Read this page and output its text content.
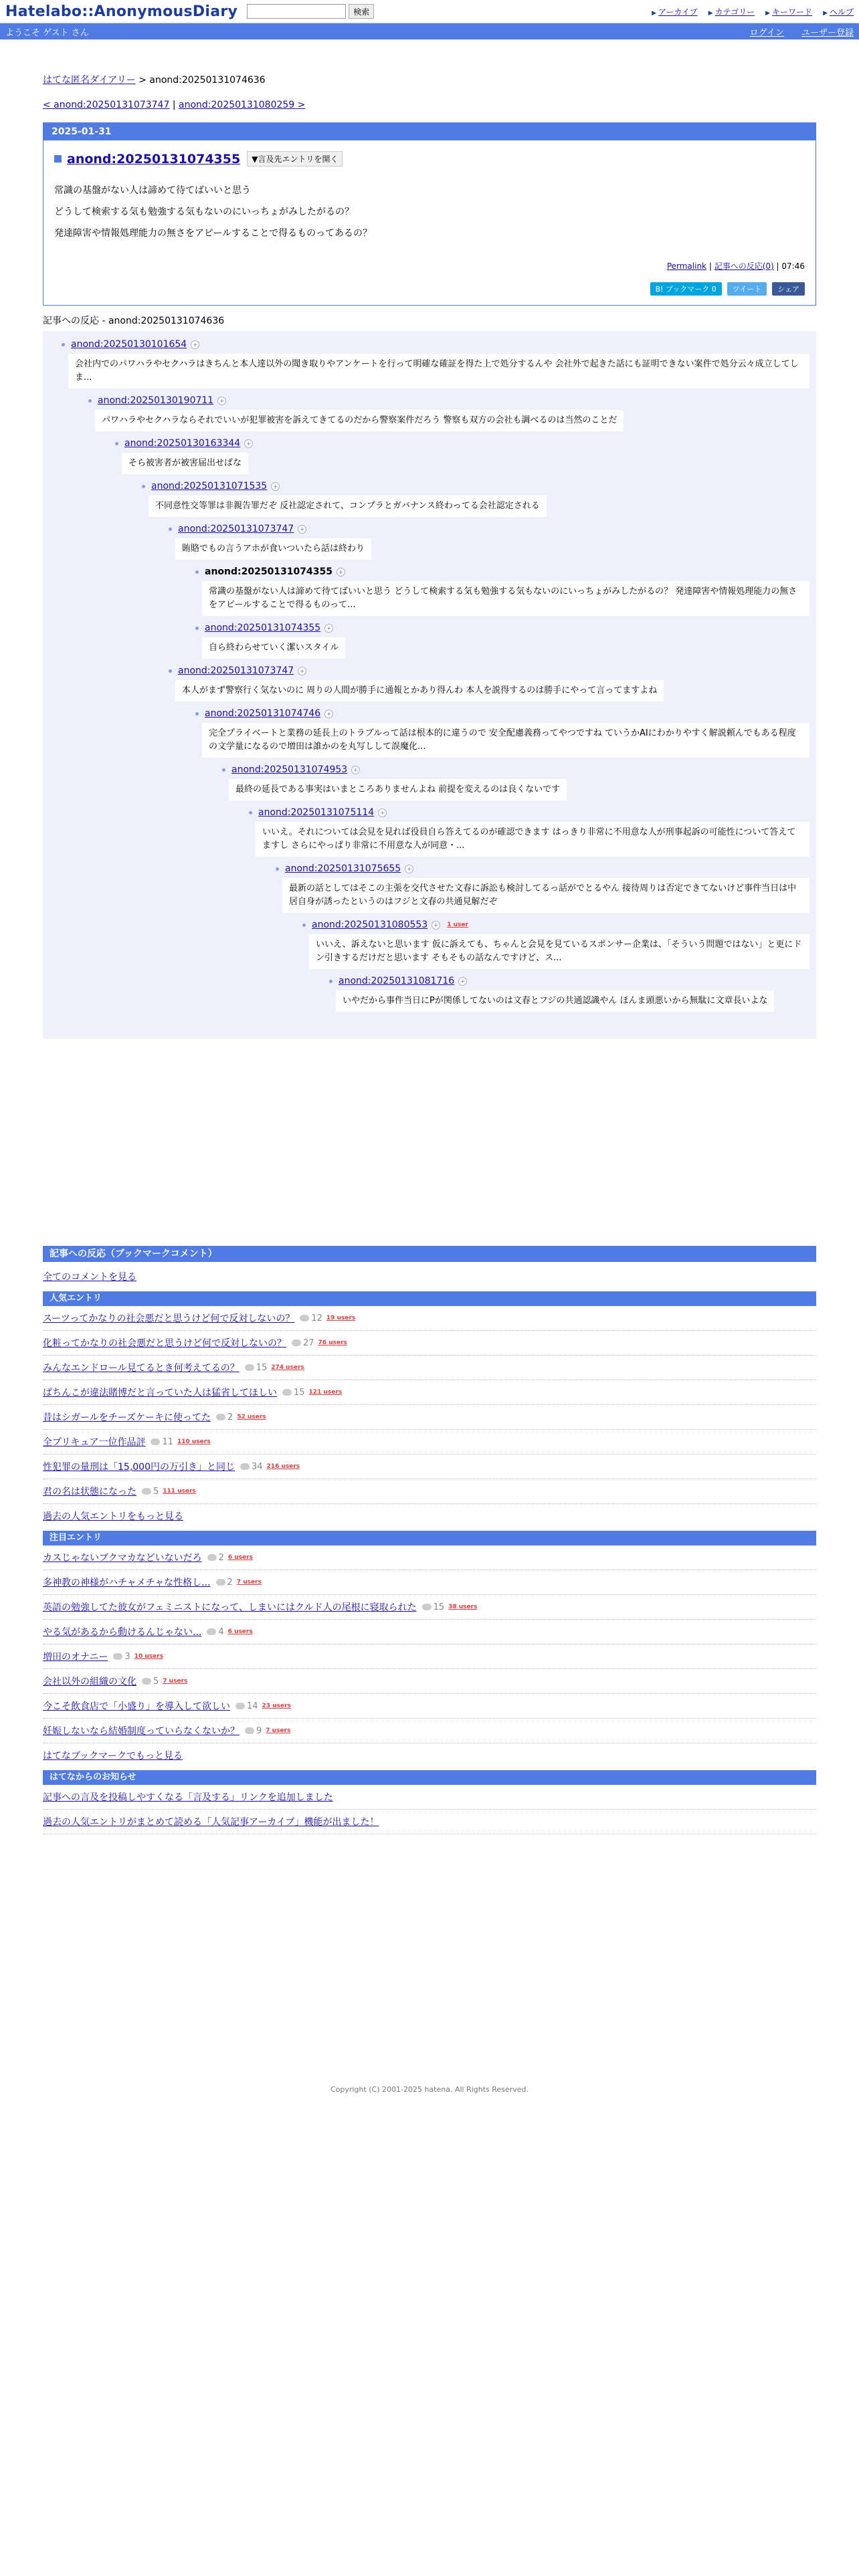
Hatelabo::AnonymousDiary	検索	▶ アーカイブ	▶ カテゴリー	▶ キーワード	▶ ヘルプ
ようこそ ゲスト さん	ログイン ユーザー登録
はてな匿名ダイアリー > anond:20250131074636
< anond:20250131073747 | anond:20250131080259 >
2025-01-31
anond:20250131074355	▼言及先エントリを開く

常識の基盤がない人は諦めて待てばいいと思う

どうして検索する気も勉強する気もないのにいっちょがみしたがるの？

発達障害や情報処理能力の無さをアピールすることで得るものってあるの？

Permalink | 記事への反応(0) | 07:46
B! ブックマーク 0	ツイート	シェア
記事への反応 - anond:20250131074636
anond:20250130101654	+
会社内でのパワハラやセクハラはきちんと本人達以外の聞き取りやアンケートを行って明確な確証を得た上で処分するんや 会社外で起きた話にも証明できない案件で処分云々成立してしま...
anond:20250130190711	+
パワハラやセクハラならそれでいいが犯罪被害を訴えてきてるのだから警察案件だろう 警察も双方の会社も調べるのは当然のことだ
anond:20250130163344	+
そら被害者が被害届出せばな
anond:20250131071535	+
不同意性交等罪は非親告罪だぞ 反社認定されて、コンプラとガバナンス終わってる会社認定される
anond:20250131073747	+
賄賂でもの言うアホが食いついたら話は終わり
anond:20250131074355	+
常識の基盤がない人は諦めて待てばいいと思う どうして検索する気も勉強する気もないのにいっちょがみしたがるの？ 発達障害や情報処理能力の無さをアピールすることで得るものって...
anond:20250131074355	+
自ら終わらせていく潔いスタイル
anond:20250131073747	+
本人がまず警察行く気ないのに 周りの人間が勝手に通報とかあり得んわ 本人を説得するのは勝手にやって言ってますよね
anond:20250131074746	+
完全プライベートと業務の延長上のトラブルって話は根本的に違うので 安全配慮義務ってやつですね ていうかAIにわかりやすく解説頼んでもある程度の文学量になるので増田は誰かのを丸写しして誤魔化...
anond:20250131074953	+
最終の延長である事実はいまところありませんよね 前提を変えるのは良くないです
anond:20250131075114	+
いいえ。それについては会見を見れば役員自ら答えてるのが確認できます はっきり非常に不用意な人が刑事起訴の可能性について答えてますし さらにやっぱり非常に不用意な人が同意・...
anond:20250131075655	+
最新の話としてはそこの主張を交代させた文春に訴訟も検討してるっ話がでとるやん 接待周りは否定できてないけど事件当日は中居自身が誘ったというのはフジと文春の共通見解だぞ
anond:20250131080553	+	1 user
いいえ、訴えないと思います 仮に訴えても、ちゃんと会見を見ているスポンサー企業は、「そういう問題ではない」と更にドン引きするだけだと思います そもそもの話なんですけど、ス...
anond:20250131081716	+
いやだから事件当日にPが関係してないのは文春とフジの共通認識やん ほんま頭悪いから無駄に文章長いよな
記事への反応（ブックマークコメント）
全てのコメントを見る
人気エントリ
スーツってかなりの社会悪だと思うけど何で反対しないの？ 12 19 users
化粧ってかなりの社会悪だと思うけど何で反対しないの？ 27 76 users
みんなエンドロール見てるとき何考えてるの？ 15 274 users
ぱちんこが違法賭博だと言っていた人は猛省してほしい 15 121 users
昔はシガールをチーズケーキに使ってた 2 52 users
全プリキュア一位作品評 11 110 users
性犯罪の量刑は「15,000円の万引き」と同じ 34 216 users
君の名は状態になった 5 111 users
過去の人気エントリをもっと見る
注目エントリ
カスじゃないブクマカなどいないだろ 2 6 users
多神教の神様がハチャメチャな性格し... 2 7 users
英語の勉強してた彼女がフェミニストになって、しまいにはクルド人の尾根に寝取られた 15 38 users
やる気があるから動けるんじゃない... 4 6 users
増田のオナニー 3 10 users
会社以外の組織の文化 5 7 users
今こそ飲食店で「小盛り」を導入して欲しい 14 23 users
妊娠しないなら結婚制度っていらなくないか？ 9 7 users
はてなブックマークでもっと見る
はてなからのお知らせ
記事への言及を投稿しやすくなる「言及する」リンクを追加しました
過去の人気エントリがまとめて読める「人気記事アーカイブ」機能が出ました！
Copyright (C) 2001-2025 hatena. All Rights Reserved.
